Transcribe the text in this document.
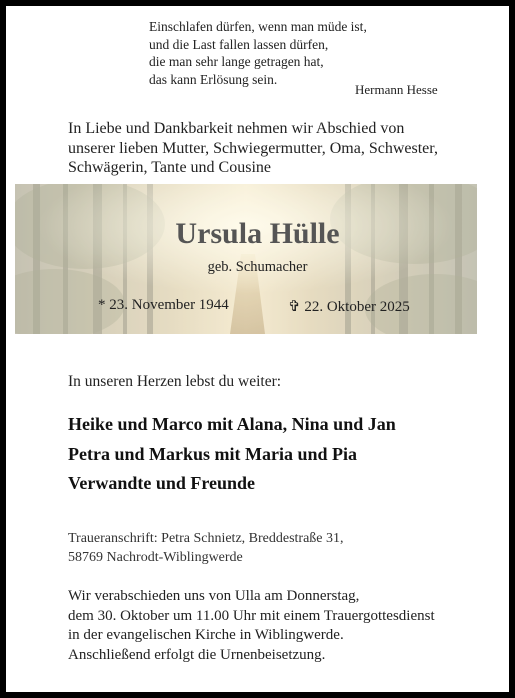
Einschlafen dürfen, wenn man müde ist,
und die Last fallen lassen dürfen,
die man sehr lange getragen hat,
das kann Erlösung sein.
Hermann Hesse
In Liebe und Dankbarkeit nehmen wir Abschied von
unserer lieben Mutter, Schwiegermutter, Oma, Schwester,
Schwägerin, Tante und Cousine
Ursula Hülle
geb. Schumacher
* 23. November 1944	✞ 22. Oktober 2025
In unseren Herzen lebst du weiter:
Heike und Marco mit Alana, Nina und Jan
Petra und Markus mit Maria und Pia
Verwandte und Freunde
Traueranschrift: Petra Schnietz, Breddestraße 31,
58769 Nachrodt-Wiblingwerde
Wir verabschieden uns von Ulla am Donnerstag,
dem 30. Oktober um 11.00 Uhr mit einem Trauergottesdienst
in der evangelischen Kirche in Wiblingwerde.
Anschließend erfolgt die Urnenbeisetzung.
